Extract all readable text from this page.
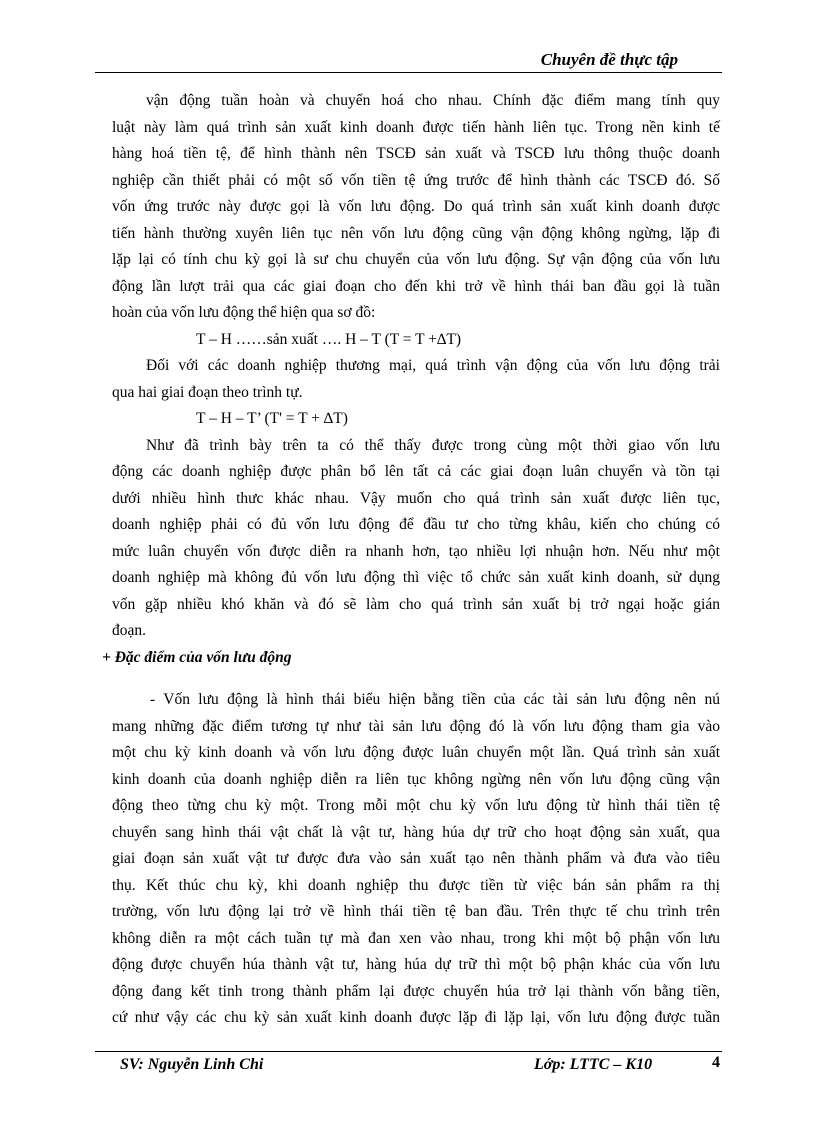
Chuyên đề thực tập
vận động tuần hoàn và chuyển hoá cho nhau. Chính đặc điểm mang tính quy
luật này làm quá trình sản xuất kinh doanh được tiến hành liên tục. Trong nền kinh tế
hàng hoá tiền tệ, để hình thành nên TSCĐ sản xuất và TSCĐ lưu thông thuộc doanh
nghiệp cần thiết phải có một số vốn tiền tệ ứng trước để hình thành các TSCĐ đó. Số
vốn ứng trước này được gọi là vốn lưu động. Do quá trình sản xuất kinh doanh được
tiến hành thường xuyên liên tục nên vốn lưu động cũng vận động không ngừng, lặp đi
lặp lại có tính chu kỳ gọi là sư chu chuyển của vốn lưu động. Sự vận động của vốn lưu
động lần lượt trải qua các giai đoạn cho đến khi trở về hình thái ban đầu gọi là tuần
hoàn của vốn lưu động thể hiện qua sơ đồ:
T – H ……sản xuất …. H – T (T = T +∆T)
Đối với các doanh nghiệp thương mại, quá trình vận động của vốn lưu động trải
qua hai giai đoạn theo trình tự.
T – H – T’ (T' = T + ∆T)
Như đã trình bày trên ta có thể thấy được trong cùng một thời giao vốn lưu
động các doanh nghiệp được phân bổ lên tất cả các giai đoạn luân chuyển và tồn tại
dưới nhiều hình thưc khác nhau. Vậy muốn cho quá trình sản xuất được liên tục,
doanh nghiệp phải có đủ vốn lưu động để đầu tư cho từng khâu, kiến cho chúng có
mức luân chuyển vốn được diễn ra nhanh hơn, tạo nhiều lợi nhuận hơn. Nếu như một
doanh nghiệp mà không đủ vốn lưu động thì việc tổ chức sản xuất kinh doanh, sử dụng
vốn gặp nhiều khó khăn và đó sẽ làm cho quá trình sản xuất bị trở ngại hoặc gián
đoạn.
+ Đặc điểm của vốn lưu động
- Vốn lưu động là hình thái biểu hiện bằng tiền của các tài sản lưu động nên nú
mang những đặc điểm tương tự như tài sản lưu động đó là vốn lưu động tham gia vào
một chu kỳ kinh doanh và vốn lưu động được luân chuyển một lần. Quá trình sản xuất
kinh doanh của doanh nghiệp diễn ra liên tục không ngừng nên vốn lưu động cũng vận
động theo từng chu kỳ một. Trong mỗi một chu kỳ vốn lưu động từ hình thái tiền tệ
chuyển sang hình thái vật chất là vật tư, hàng húa dự trữ cho hoạt động sản xuất, qua
giai đoạn sản xuất vật tư được đưa vào sản xuất tạo nên thành phẩm và đưa vào tiêu
thụ. Kết thúc chu kỳ, khi doanh nghiệp thu được tiền từ việc bán sản phẩm ra thị
trường, vốn lưu động lại trở về hình thái tiền tệ ban đầu. Trên thực tế chu trình trên
không diễn ra một cách tuần tự mà đan xen vào nhau, trong khi một bộ phận vốn lưu
động được chuyển húa thành vật tư, hàng húa dự trữ thì một bộ phận khác của vốn lưu
động đang kết tinh trong thành phẩm lại được chuyển húa trở lại thành vốn bằng tiền,
cứ như vậy các chu kỳ sản xuất kinh doanh được lặp đi lặp lại, vốn lưu động được tuần
SV: Nguyễn Linh Chi	Lớp: LTTC – K10	4
